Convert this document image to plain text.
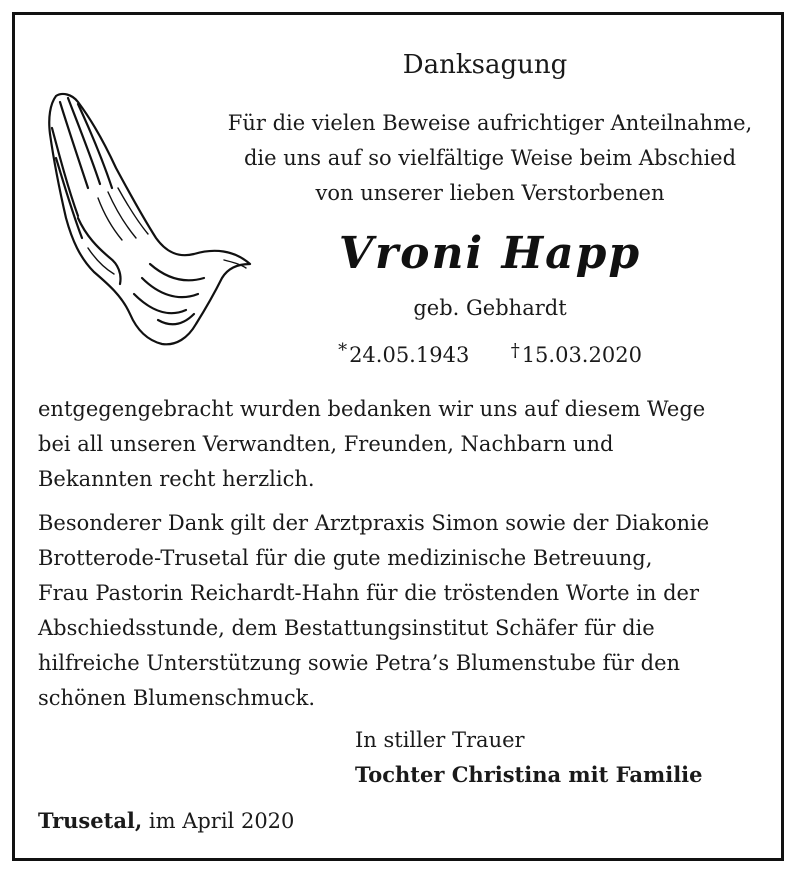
Danksagung
Für die vielen Beweise aufrichtiger Anteilnahme,
die uns auf so vielfältige Weise beim Abschied
von unserer lieben Verstorbenen
Vroni Happ
geb. Gebhardt
*24.05.1943 †15.03.2020
entgegengebracht wurden bedanken wir uns auf diesem Wege
bei all unseren Verwandten, Freunden, Nachbarn und
Bekannten recht herzlich.
Besonderer Dank gilt der Arztpraxis Simon sowie der Diakonie
Brotterode-Trusetal für die gute medizinische Betreuung,
Frau Pastorin Reichardt-Hahn für die tröstenden Worte in der
Abschiedsstunde, dem Bestattungsinstitut Schäfer für die
hilfreiche Unterstützung sowie Petra’s Blumenstube für den
schönen Blumenschmuck.
In stiller Trauer
Tochter Christina mit Familie
Trusetal, im April 2020
